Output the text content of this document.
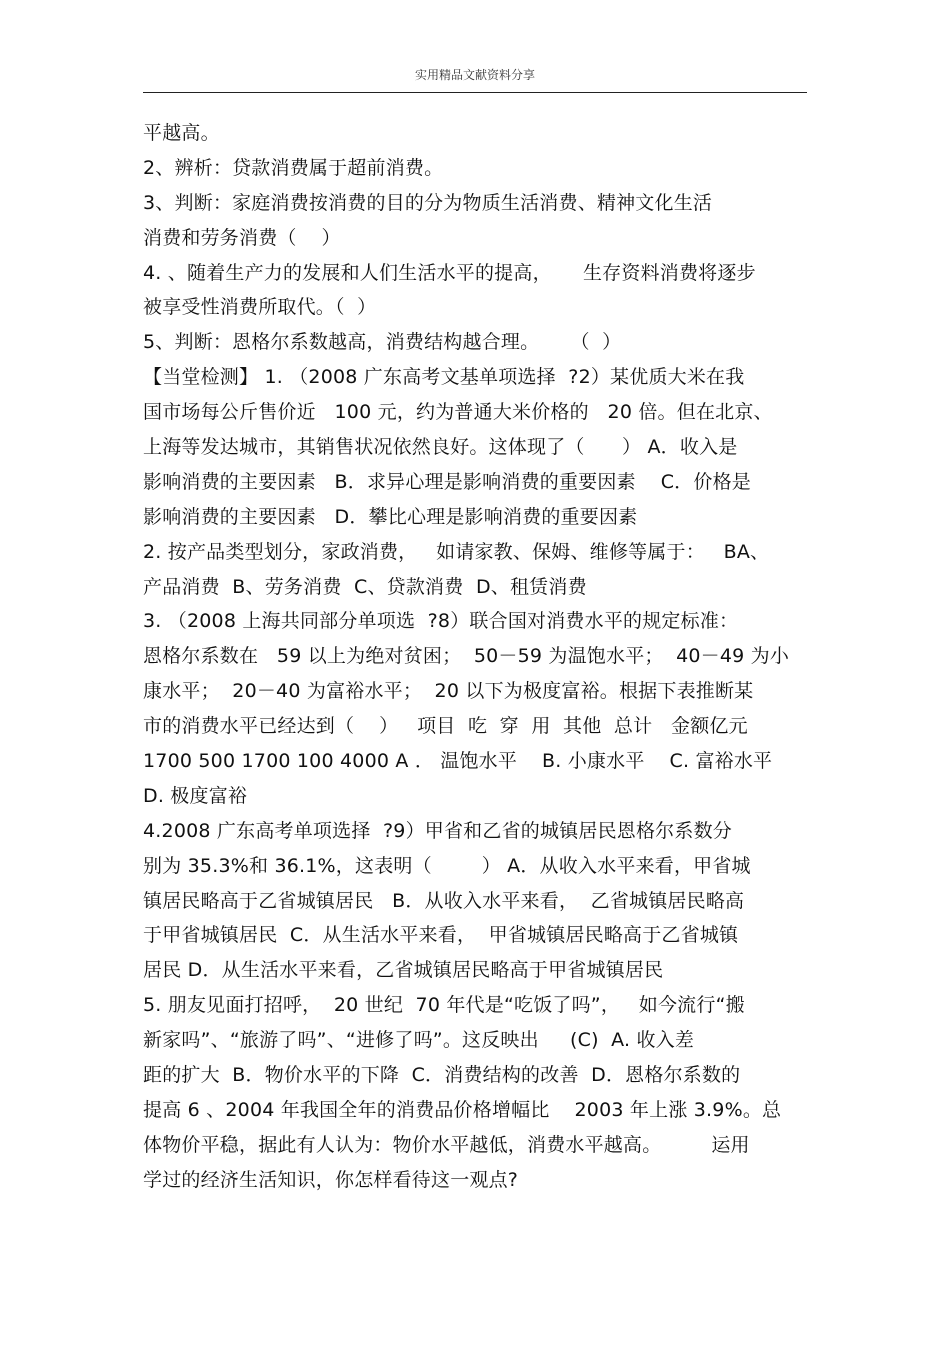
实用精品文献资料分享
平越高。
2、辨析：贷款消费属于超前消费。
3、判断：家庭消费按消费的目的分为物质生活消费、精神文化生活
消费和劳务消费（    ）
4. 、随着生产力的发展和人们生活水平的提高，     生存资料消费将逐步
被享受性消费所取代。（  ）
5、判断：恩格尔系数越高，消费结构越合理。     （  ）
【当堂检测】 1. （2008 广东高考文基单项选择  ?2）某优质大米在我
国市场每公斤售价近   100 元，约为普通大米价格的   20 倍。但在北京、
上海等发达城市，其销售状况依然良好。这体现了（      ） A．收入是
影响消费的主要因素   B．求异心理是影响消费的重要因素    C．价格是
影响消费的主要因素   D．攀比心理是影响消费的重要因素
2. 按产品类型划分，家政消费，   如请家教、保姆、维修等属于：   BA、
产品消费  B、劳务消费  C、贷款消费  D、租赁消费
3. （2008 上海共同部分单项选  ?8）联合国对消费水平的规定标准：
恩格尔系数在   59 以上为绝对贫困；  50－59 为温饱水平；  40－49 为小
康水平；  20－40 为富裕水平；  20 以下为极度富裕。根据下表推断某
市的消费水平已经达到（    ）   项目  吃  穿  用  其他  总计   金额亿元
1700 500 1700 100 4000 A ． 温饱水平    B. 小康水平    C. 富裕水平
D. 极度富裕
4.2008 广东高考单项选择  ?9）甲省和乙省的城镇居民恩格尔系数分
别为 35.3%和 36.1%，这表明（        ） A．从收入水平来看，甲省城
镇居民略高于乙省城镇居民   B．从收入水平来看，  乙省城镇居民略高
于甲省城镇居民  C．从生活水平来看，  甲省城镇居民略高于乙省城镇
居民 D．从生活水平来看，乙省城镇居民略高于甲省城镇居民
5. 朋友见面打招呼，  20 世纪  70 年代是“吃饭了吗”，   如今流行“搬
新家吗”、“旅游了吗”、“进修了吗”。这反映出     (C)  A. 收入差
距的扩大  B．物价水平的下降  C．消费结构的改善  D．恩格尔系数的
提高 6 、2004 年我国全年的消费品价格增幅比    2003 年上涨 3.9%。总
体物价平稳，据此有人认为：物价水平越低，消费水平越高。        运用
学过的经济生活知识，你怎样看待这一观点?
